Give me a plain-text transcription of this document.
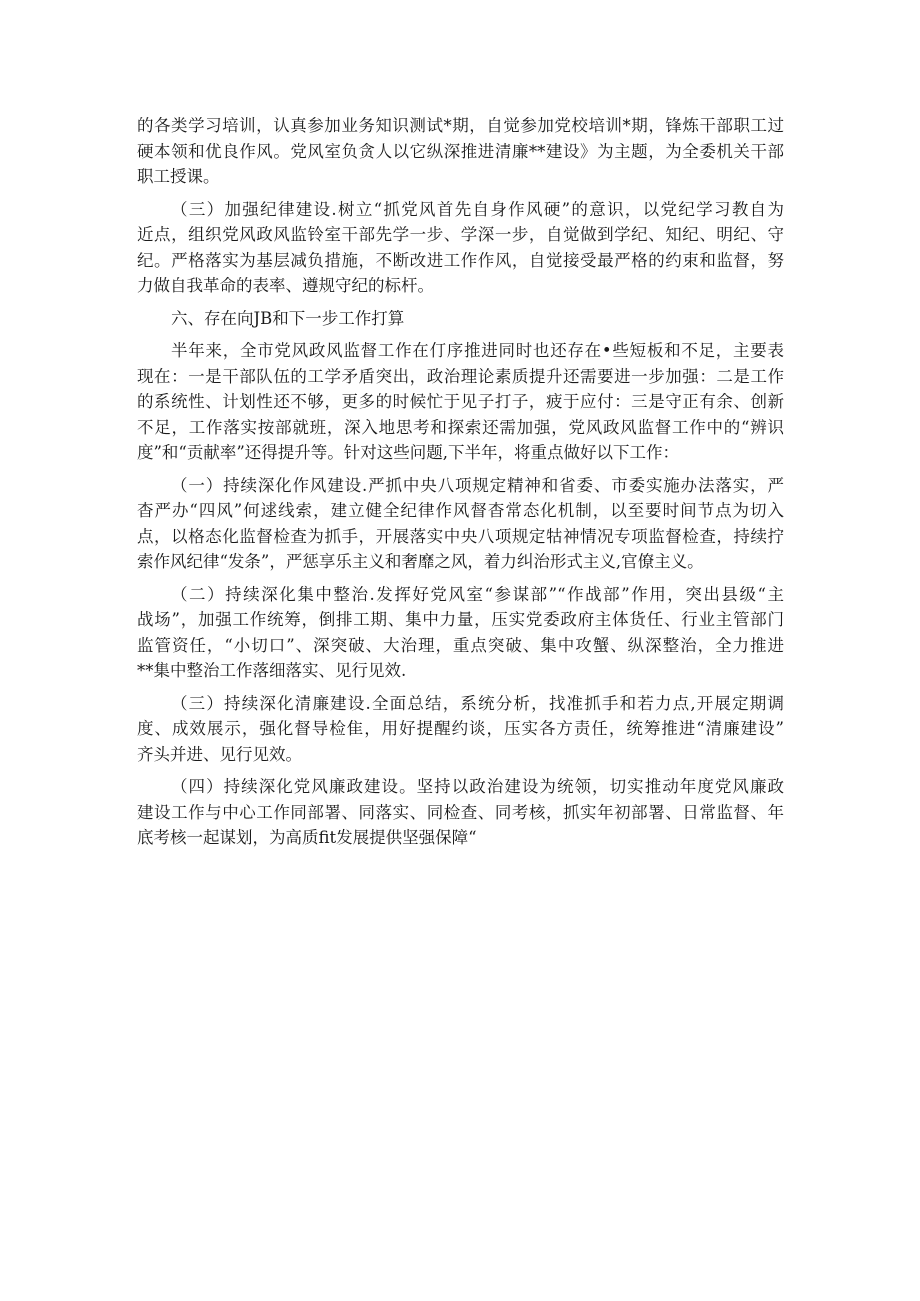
的各类学习培训，认真参加业务知识测试*期，自觉参加党校培训*期，锋炼干部职工过
硬本领和优良作风。党风室负贪人以它纵深推进清廉**建设》为主题，为全委机关干部
职工授课。
（三）加强纪律建设.树立“抓党风首先自身作风硬”的意识，以党纪学习教自为
近点，组织党风政风监铃室干部先学一步、学深一步，自觉做到学纪、知纪、明纪、守
纪。严格落实为基层减负措施，不断改进工作作风，自觉接受最严格的约束和监督，努
力做自我革命的表率、遵规守纪的标杆。
六、存在向JB和下一步工作打算
半年来，全市党风政风监督工作在仃序推进同时也还存在•些短板和不足，主要表
现在：一是干部队伍的工学矛盾突出，政治理论素质提升还需要进一步加强：二是工作
的系统性、计划性还不够，更多的时候忙于见子打子，疲于应付：三是守正有余、创新
不足，工作落实按部就班，深入地思考和探索还需加强，党风政风监督工作中的“辨识
度”和“贡献率”还得提升等。针对这些问题,下半年，将重点做好以下工作：
（一）持续深化作风建设.严抓中央八项规定精神和省委、市委实施办法落实，严
杳严办“四风”何逑线索，建立健全纪律作风督杳常态化机制，以至要时间节点为切入
点，以格态化监督检查为抓手，开展落实中央八项规定牯神情况专项监督检查，持续拧
索作风纪律“发条”，严惩享乐主义和奢靡之风，着力纠治形式主义,官僚主义。
（二）持续深化集中整治.发挥好党风室“参谋部”“作战部”作用，突出县级“主
战场”，加强工作统筹，倒排工期、集中力量，压实党委政府主体货任、行业主管部门
监管资任，“小切口”、深突破、大治理，重点突破、集中攻蟹、纵深整治，全力推进
**集中整治工作落细落实、见行见效.
（三）持续深化清廉建设.全面总结，系统分析，找准抓手和若力点,开展定期调
度、成效展示，强化督导检隹，用好提醒约谈，压实各方责任，统筹推进“清廉建设”
齐头并进、见行见效。
（四）持续深化党风廉政建设。坚持以政治建设为统领，切实推动年度党风廉政
建设工作与中心工作同部署、同落实、同检查、同考核，抓实年初部署、日常监督、年
底考核一起谋划，为高质fit发展提供坚强保障“
